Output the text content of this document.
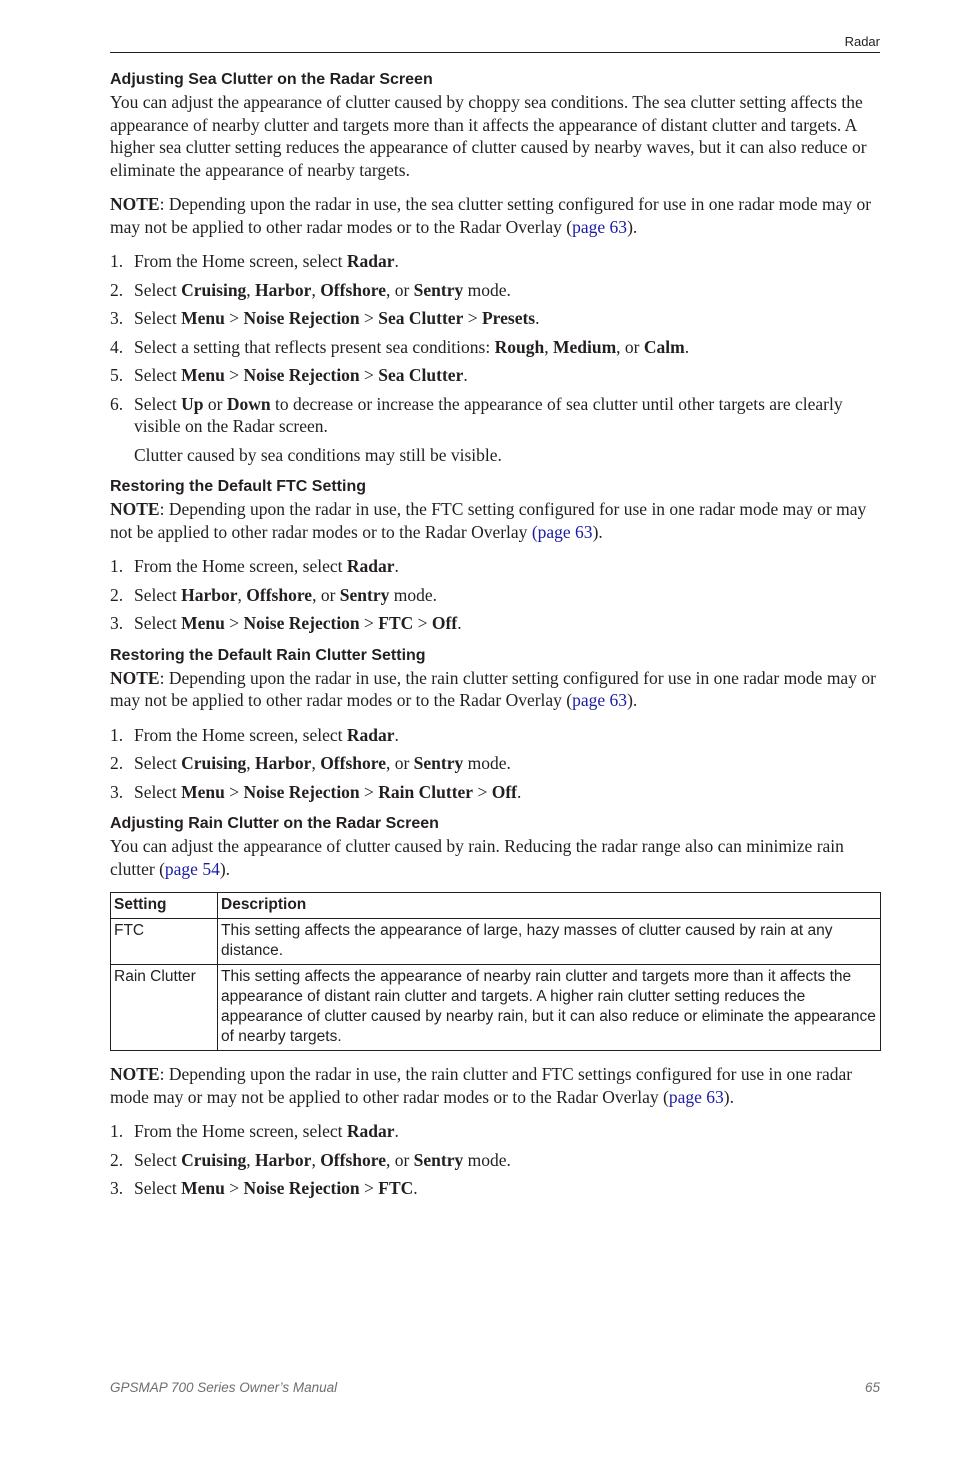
Radar
Adjusting Sea Clutter on the Radar Screen

You can adjust the appearance of clutter caused by choppy sea conditions. The sea clutter setting affects the appearance of nearby clutter and targets more than it affects the appearance of distant clutter and targets. A higher sea clutter setting reduces the appearance of clutter caused by nearby waves, but it can also reduce or eliminate the appearance of nearby targets.

NOTE: Depending upon the radar in use, the sea clutter setting configured for use in one radar mode may or may not be applied to other radar modes or to the Radar Overlay (page 63).

1. From the Home screen, select Radar.
2. Select Cruising, Harbor, Offshore, or Sentry mode.
3. Select Menu > Noise Rejection > Sea Clutter > Presets.
4. Select a setting that reflects present sea conditions: Rough, Medium, or Calm.
5. Select Menu > Noise Rejection > Sea Clutter.
6. Select Up or Down to decrease or increase the appearance of sea clutter until other targets are clearly visible on the Radar screen.
Clutter caused by sea conditions may still be visible.
Restoring the Default FTC Setting

NOTE: Depending upon the radar in use, the FTC setting configured for use in one radar mode may or may not be applied to other radar modes or to the Radar Overlay (page 63).

1. From the Home screen, select Radar.
2. Select Harbor, Offshore, or Sentry mode.
3. Select Menu > Noise Rejection > FTC > Off.
Restoring the Default Rain Clutter Setting

NOTE: Depending upon the radar in use, the rain clutter setting configured for use in one radar mode may or may not be applied to other radar modes or to the Radar Overlay (page 63).

1. From the Home screen, select Radar.
2. Select Cruising, Harbor, Offshore, or Sentry mode.
3. Select Menu > Noise Rejection > Rain Clutter > Off.
Adjusting Rain Clutter on the Radar Screen

You can adjust the appearance of clutter caused by rain. Reducing the radar range also can minimize rain clutter (page 54).

Setting	Description
FTC	This setting affects the appearance of large, hazy masses of clutter caused by rain at any distance.
Rain Clutter	This setting affects the appearance of nearby rain clutter and targets more than it affects the appearance of distant rain clutter and targets. A higher rain clutter setting reduces the appearance of clutter caused by nearby rain, but it can also reduce or eliminate the appearance of nearby targets.

NOTE: Depending upon the radar in use, the rain clutter and FTC settings configured for use in one radar mode may or may not be applied to other radar modes or to the Radar Overlay (page 63).

1. From the Home screen, select Radar.
2. Select Cruising, Harbor, Offshore, or Sentry mode.
3. Select Menu > Noise Rejection > FTC.
GPSMAP 700 Series Owner’s Manual	65
